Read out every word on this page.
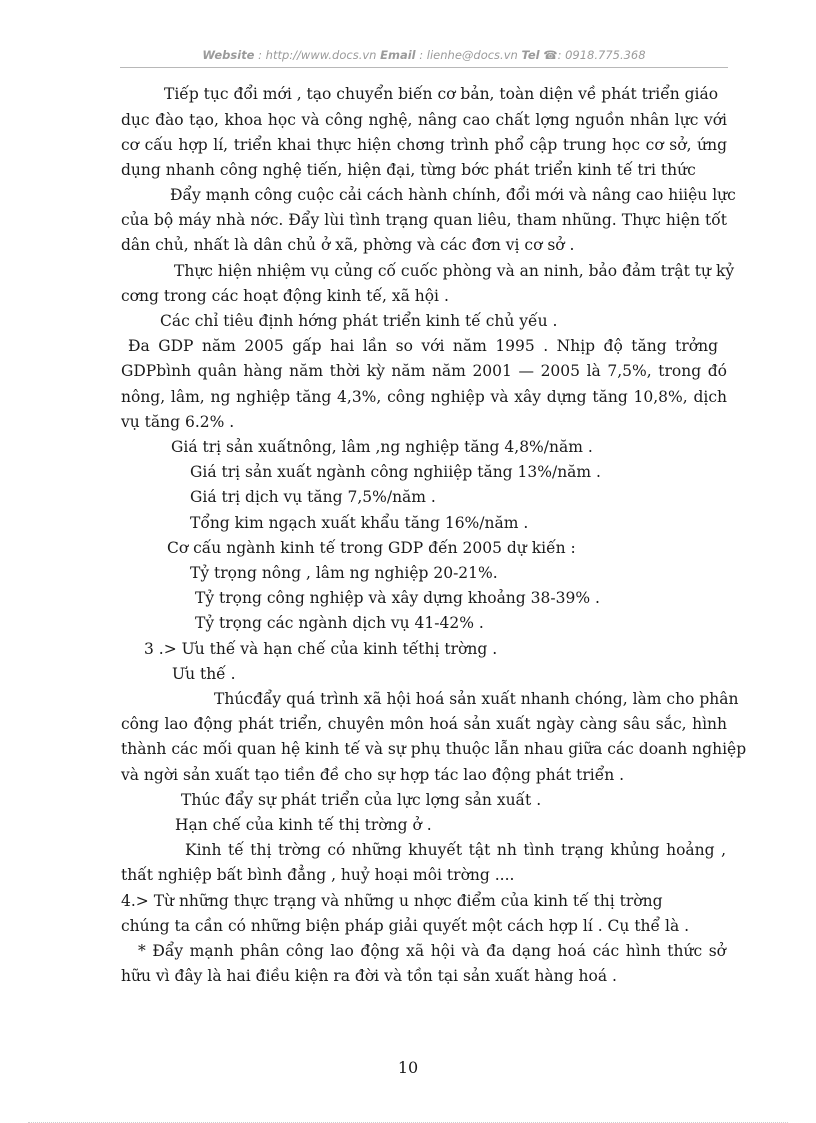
Website : http://www.docs.vn Email : lienhe@docs.vn Tel ☎: 0918.775.368
Tiếp tục đổi mới , tạo chuyển biến cơ bản, toàn diện về phát triển giáo
dục đào tạo, khoa học và công nghệ, nâng cao chất lợng nguồn nhân lực với
cơ cấu hợp lí, triển khai thực hiện chơng trình phổ cập trung học cơ sở, ứng
dụng nhanh công nghệ tiến, hiện đại, từng bớc phát triển kinh tế tri thức
Đẩy mạnh công cuộc cải cách hành chính, đổi mới và nâng cao hiiệu lực
của bộ máy nhà nớc. Đẩy lùi tình trạng quan liêu, tham nhũng. Thực hiện tốt
dân chủ, nhất là dân chủ ở xã, phờng và các đơn vị cơ sở .
Thực hiện nhiệm vụ củng cố cuốc phòng và an ninh, bảo đảm trật tự kỷ
cơng trong các hoạt động kinh tế, xã hội .
Các chỉ tiêu định hớng phát triển kinh tế chủ yếu .
Đa GDP năm 2005 gấp hai lần so với năm 1995 . Nhịp độ tăng trởng
GDPbình quân hàng năm thời kỳ năm năm 2001 — 2005 là 7,5%, trong đó
nông, lâm, ng nghiệp tăng 4,3%, công nghiệp và xây dựng tăng 10,8%, dịch
vụ tăng 6.2% .
Giá trị sản xuấtnông, lâm ,ng nghiệp tăng 4,8%/năm .
Giá trị sản xuất ngành công nghiiệp tăng 13%/năm .
Giá trị dịch vụ tăng 7,5%/năm .
Tổng kim ngạch xuất khẩu tăng 16%/năm .
Cơ cấu ngành kinh tế trong GDP đến 2005 dự kiến :
Tỷ trọng nông , lâm ng nghiệp 20-21%.
Tỷ trọng công nghiệp và xây dựng khoảng 38-39% .
Tỷ trọng các ngành dịch vụ 41-42% .
3 .> Ưu thế và hạn chế của kinh tếthị trờng .
Ưu thế .
Thúcđẩy quá trình xã hội hoá sản xuất nhanh chóng, làm cho phân
công lao động phát triển, chuyên môn hoá sản xuất ngày càng sâu sắc, hình
thành các mối quan hệ kinh tế và sự phụ thuộc lẫn nhau giữa các doanh nghiệp
và ngời sản xuất tạo tiền đề cho sự hợp tác lao động phát triển .
Thúc đẩy sự phát triển của lực lợng sản xuất .
Hạn chế của kinh tế thị trờng ở .
Kinh tế thị trờng có những khuyết tật nh tình trạng khủng hoảng ,
thất nghiệp bất bình đẳng , huỷ hoại môi trờng ....
4.> Từ những thực trạng và những u nhợc điểm của kinh tế thị trờng
chúng ta cần có những biện pháp giải quyết một cách hợp lí . Cụ thể là .
* Đẩy mạnh phân công lao động xã hội và đa dạng hoá các hình thức sở
hữu vì đây là hai điều kiện ra đời và tồn tại sản xuất hàng hoá .
10
